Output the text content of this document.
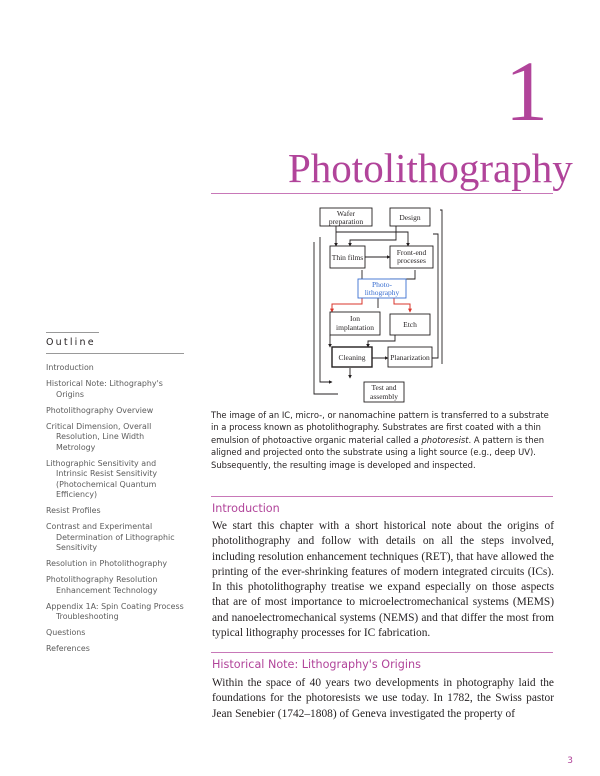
1
Photolithography
Wafer
preparation	Design
Thin films
Front-end
processes
Photo-
lithography
Ion
implantation	Etch
Cleaning	Planarization
Test and
assembly
The image of an IC, micro-, or nanomachine pattern is transferred to a substrate in a process known as photolithography. Substrates are first coated with a thin emulsion of photoactive organic material called a photoresist. A pattern is then aligned and projected onto the substrate using a light source (e.g., deep UV). Subsequently, the resulting image is developed and inspected.
Outline
Introduction
Historical Note: Lithography's Origins
Photolithography Overview
Critical Dimension, Overall Resolution, Line Width Metrology
Lithographic Sensitivity and Intrinsic Resist Sensitivity (Photochemical Quantum Efficiency)
Resist Profiles
Contrast and Experimental Determination of Lithographic Sensitivity
Resolution in Photolithography
Photolithography Resolution Enhancement Technology
Appendix 1A: Spin Coating Process Troubleshooting
Questions
References
Introduction
We start this chapter with a short historical note about the origins of photolithography and follow with details on all the steps involved, including resolution enhancement techniques (RET), that have allowed the printing of the ever-shrinking features of modern integrated circuits (ICs). In this photolithography treatise we expand especially on those aspects that are of most importance to microelectromechanical systems (MEMS) and nanoelectromechanical systems (NEMS) and that differ the most from typical lithography processes for IC fabrication.
Historical Note: Lithography's Origins
Within the space of 40 years two developments in photography laid the foundations for the photoresists we use today. In 1782, the Swiss pastor Jean Senebier (1742–1808) of Geneva investigated the property of
3
